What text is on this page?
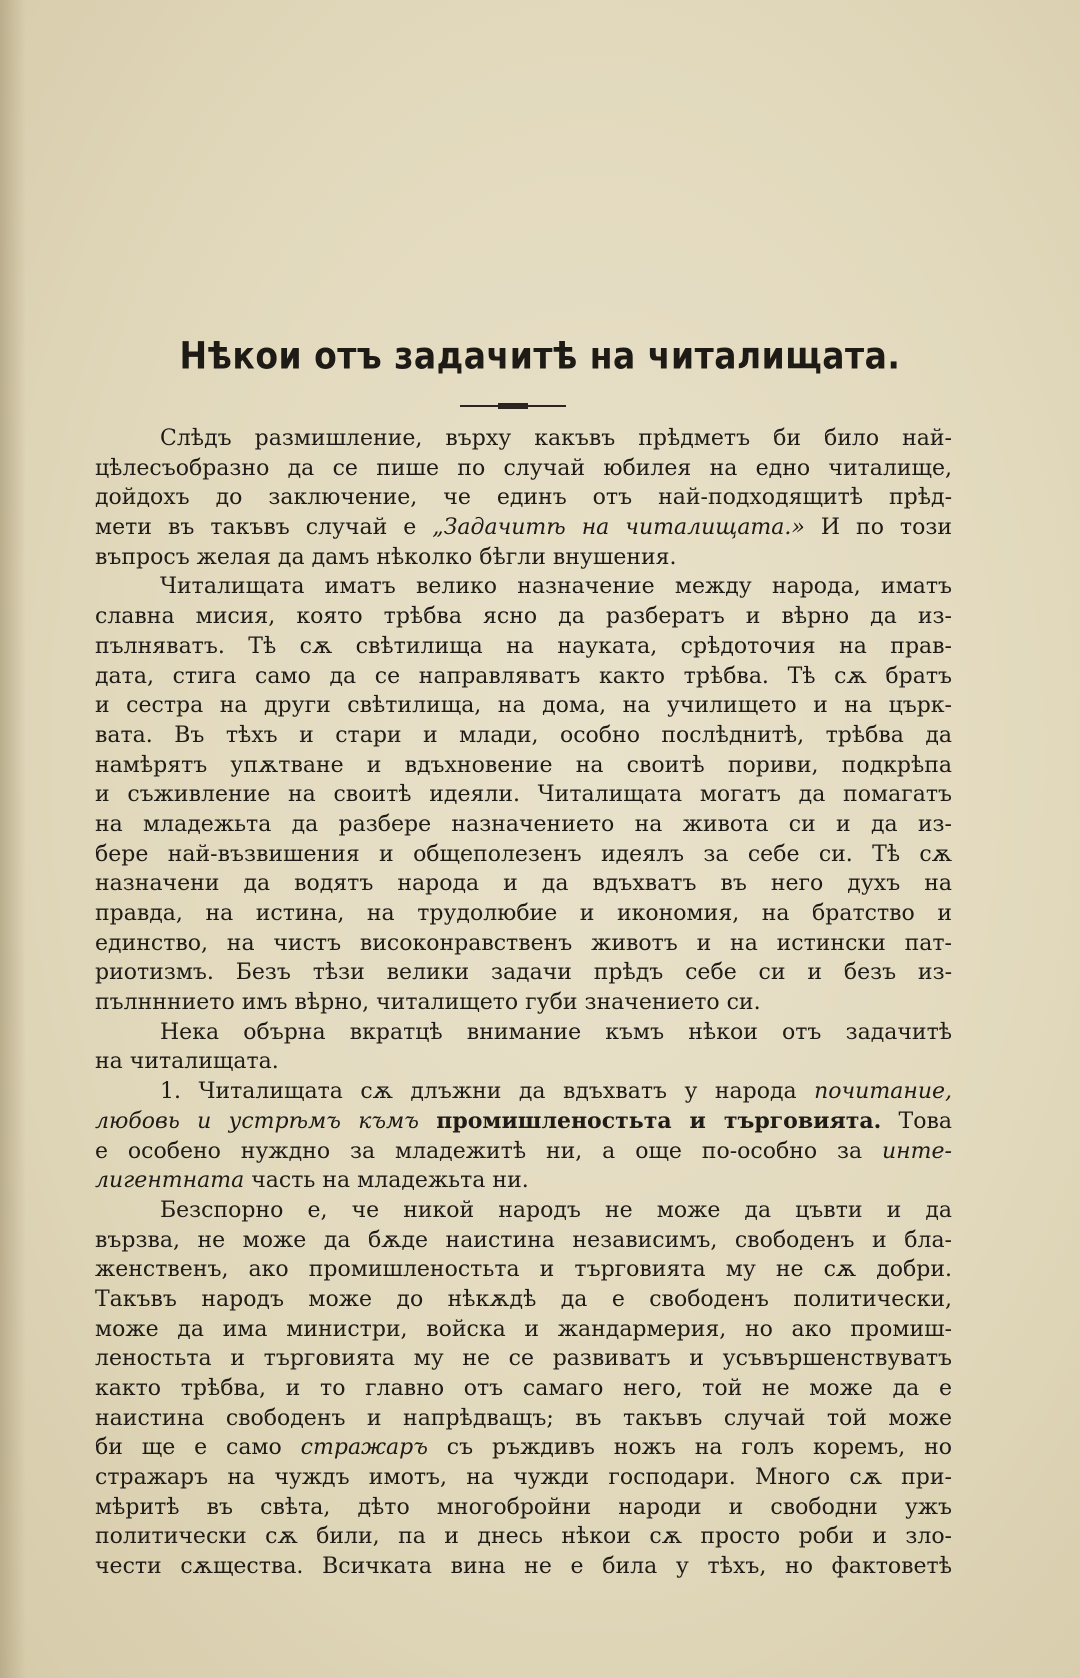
Нѣкои отъ задачитѣ на читалищата.
Слѣдъ размишление, върху какъвъ прѣдметъ би било най-
цѣлесъобразно да се пише по случай юбилея на едно читалище,
дойдохъ до заключение, че единъ отъ най-подходящитѣ прѣд-
мети въ такъвъ случай е „Задачитѣ на читалищата.» И по този
въпросъ желая да дамъ нѣколко бѣгли внушения.
Читалищата иматъ велико назначение между народа, иматъ
славна мисия, която трѣбва ясно да разбератъ и вѣрно да из-
пълняватъ. Тѣ сѫ свѣтилища на науката, срѣдоточия на прав-
дата, стига само да се направляватъ както трѣбва. Тѣ сѫ братъ
и сестра на други свѣтилища, на дома, на училището и на църк-
вата. Въ тѣхъ и стари и млади, особно послѣднитѣ, трѣбва да
намѣрятъ упѫтване и вдъхновение на своитѣ пориви, подкрѣпа
и съживление на своитѣ идеяли. Читалищата могатъ да помагатъ
на младежьта да разбере назначението на живота си и да из-
бере най-възвишения и общеполезенъ идеялъ за себе си. Тѣ сѫ
назначени да водятъ народа и да вдъхватъ въ него духъ на
правда, на истина, на трудолюбие и икономия, на братство и
единство, на чистъ високонравственъ животъ и на истински пат-
риотизмъ. Безъ тѣзи велики задачи прѣдъ себе си и безъ из-
пълннниeто имъ вѣрно, читалището губи значението си.
Нека обърна вкратцѣ внимание къмъ нѣкои отъ задачитѣ
на читалищата.
1. Читалищата сѫ длъжни да вдъхватъ у народа почитание,
любовь и устрѣмъ къмъ промишленостьта и търговията. Това
е особено нуждно за младежитѣ ни, а още по-особно за инте-
лигентната часть на младежьта ни.
Безспорно е, че никой народъ не може да цъвти и да
вързва, не може да бѫде наистина независимъ, свободенъ и бла-
женственъ, ако промишленостьта и търговията му не сѫ добри.
Такъвъ народъ може до нѣкѫдѣ да е свободенъ политически,
може да има министри, войска и жандармерия, но ако промиш-
леностьта и търговията му не се развиватъ и усъвършенствуватъ
както трѣбва, и то главно отъ самаго него, той не може да е
наистина свободенъ и напрѣдващъ; въ такъвъ случай той може
би ще е само стражаръ съ ръждивъ ножъ на голъ коремъ, но
стражаръ на чуждъ имотъ, на чужди господари. Много сѫ при-
мѣритѣ въ свѣта, дѣто многобройни народи и свободни ужъ
политически сѫ били, па и днесь нѣкои сѫ просто роби и зло-
чести сѫщества. Всичката вина не е била у тѣхъ, но фактоветѣ
